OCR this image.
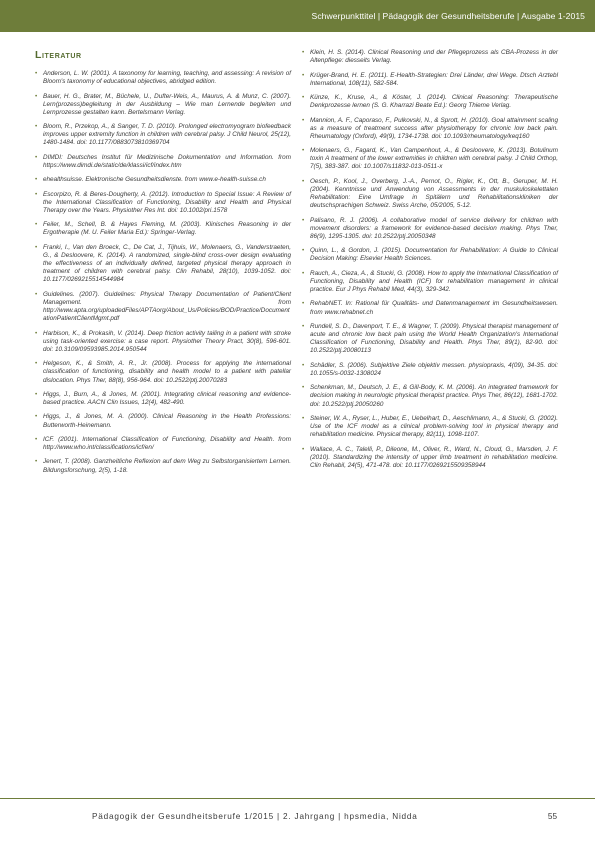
Schwerpunkttitel | Pädagogik der Gesundheitsberufe | Ausgabe 1-2015
Literatur
• Anderson, L. W. (2001). A taxonomy for learning, teaching, and assessing: A revision of Bloom's taxonomy of educational objectives, abridged edition.
• Bauer, H. G., Brater, M., Büchele, U., Dufter-Weis, A., Maurus, A. & Munz, C. (2007). Lern(prozess)begleitung in der Ausbildung – Wie man Lernende begleiten und Lernprozesse gestalten kann. Bertelsmann Verlag.
• Bloom, R., Przekop, A., & Sanger, T. D. (2010). Prolonged electromyogram biofeedback improves upper extremity function in children with cerebral palsy. J Child Neurol, 25(12), 1480-1484. doi: 10.1177/0883073810369704
• DIMDI: Deutsches Institut für Medizinische Dokumentation und Information. from https://www.dimdi.de/static/de/klassi/icf/index.htm
• ehealthsuisse. Elektronische Gesundheitsdienste. from www.e-health-suisse.ch
• Escorpizo, R. & Beres-Dougherty, A. (2012). Introduction to Special Issue: A Review of the International Classification of Functioning, Disability and Health and Physical Therapy over the Years. Physiother Res Int. doi: 10.1002/pri.1578
• Feiler, M., Schell, B. & Hayes Fleming, M. (2003). Klinisches Reasoning in der Ergotherapie (M. U. Feiler Maria Ed.): Springer-Verlag.
• Franki, I., Van den Broeck, C., De Cat, J., Tijhuis, W., Molenaers, G., Vanderstraeten, G., & Desloovere, K. (2014). A randomized, single-blind cross-over design evaluating the effectiveness of an individually defined, targeted physical therapy approach in treatment of children with cerebral palsy. Clin Rehabil, 28(10), 1039-1052. doi: 10.1177/0269215514544984
• Guidelines. (2007). Guidelines: Physical Therapy Documentation of Patient/Client Management. from http://www.apta.org/uploadedFiles/APTAorg/About_Us/Policies/BOD/Practice/DocumentationPatientClientMgmt.pdf
• Harbison, K., & Prokasih, V. (2014). Deep friction activity tailing in a patient with stroke using task-oriented exercise: a case report. Physiother Theory Pract, 30(8), 596-601. doi: 10.3109/09593985.2014.950544
• Helgeson, K., & Smith, A. R., Jr. (2008). Process for applying the international classification of functioning, disability and health model to a patient with patellar dislocation. Phys Ther, 88(8), 956-964. doi: 10.2522/ptj.20070283
• Higgs, J., Burn, A., & Jones, M. (2001). Integrating clinical reasoning and evidence-based practice. AACN Clin Issues, 12(4), 482-490.
• Higgs, J., & Jones, M. A. (2000). Clinical Reasoning in the Health Professions: Butterworth-Heinemann.
• ICF. (2001). International Classification of Functioning, Disability and Health. from http://www.who.int/classifications/icf/en/
• Jenert, T. (2008). Ganzheitliche Reflexion auf dem Weg zu Selbstorganisiertem Lernen. Bildungsforschung, 2(5), 1-18.
• Klein, H. S. (2014). Clinical Reasoning und der Pflegeprozess als CBA-Prozess in der Altenpflege: diesseits Verlag.
• Krüger-Brand, H. E. (2011). E-Health-Strategien: Drei Länder, drei Wege. Dtsch Arztebl International, 108(11), 582-584.
• Künze, K., Kruse, A., & Köster, J. (2014). Clinical Reasoning: Therapeutische Denkprozesse lernen (S. G. Kharrazi Beate Ed.): Georg Thieme Verlag.
• Mannion, A. F., Caporaso, F., Pulkovski, N., & Sprott, H. (2010). Goal attainment scaling as a measure of treatment success after physiotherapy for chronic low back pain. Rheumatology (Oxford), 49(9), 1734-1738. doi: 10.1093/rheumatology/keq160
• Molenaers, G., Fagard, K., Van Campenhout, A., & Desloovere, K. (2013). Botulinum toxin A treatment of the lower extremities in children with cerebral palsy. J Child Orthop, 7(5), 383-387. doi: 10.1007/s11832-013-0511-x
• Oesch, P., Kool, J., Overberg, J.-A., Pernot, O., Rigler, K., Ott, B., Geruper, M. H. (2004). Kenntnisse und Anwendung von Assessments in der muskuloskelettalen Rehabilitation: Eine Umfrage in Spitälern und Rehabilitationskliniken der deutschsprachigen Schweiz. Swiss Arche, 05/2005, 5-12.
• Palisano, R. J. (2006). A collaborative model of service delivery for children with movement disorders: a framework for evidence-based decision making. Phys Ther, 86(9), 1295-1305. doi: 10.2522/ptj.20050348
• Quinn, L., & Gordon, J. (2015). Documentation for Rehabilitation: A Guide to Clinical Decision Making: Elsevier Health Sciences.
• Rauch, A., Cieza, A., & Stucki, G. (2008). How to apply the International Classification of Functioning, Disability and Health (ICF) for rehabilitation management in clinical practice. Eur J Phys Rehabil Med, 44(3), 329-342.
• RehabNET. In: Rational für Qualitäts- und Datenmanagement im Gesundheitswesen. from www.rehabnet.ch
• Rundell, S. D., Davenport, T. E., & Wagner, T. (2009). Physical therapist management of acute and chronic low back pain using the World Health Organization's International Classification of Functioning, Disability and Health. Phys Ther, 89(1), 82-90. doi: 10.2522/ptj.20080113
• Schädler, S. (2006). Subjektive Ziele objektiv messen. physiopraxis, 4(09), 34-35. doi: 10.1055/s-0032-1308024
• Schenkman, M., Deutsch, J. E., & Gill-Body, K. M. (2006). An integrated framework for decision making in neurologic physical therapist practice. Phys Ther, 86(12), 1681-1702. doi: 10.2522/ptj.20050260
• Steiner, W. A., Ryser, L., Huber, E., Uebelhart, D., Aeschlimann, A., & Stucki, G. (2002). Use of the ICF model as a clinical problem-solving tool in physical therapy and rehabilitation medicine. Physical therapy, 82(11), 1098-1107.
• Wallace, A. C., Talelli, P., Dileone, M., Oliver, R., Ward, N., Cloud, G., Marsden, J. F. (2010). Standardizing the intensity of upper limb treatment in rehabilitation medicine. Clin Rehabil, 24(5), 471-478. doi: 10.1177/0269215509358944
Pädagogik der Gesundheitsberufe 1/2015 | 2. Jahrgang | hpsmedia, Nidda	55
